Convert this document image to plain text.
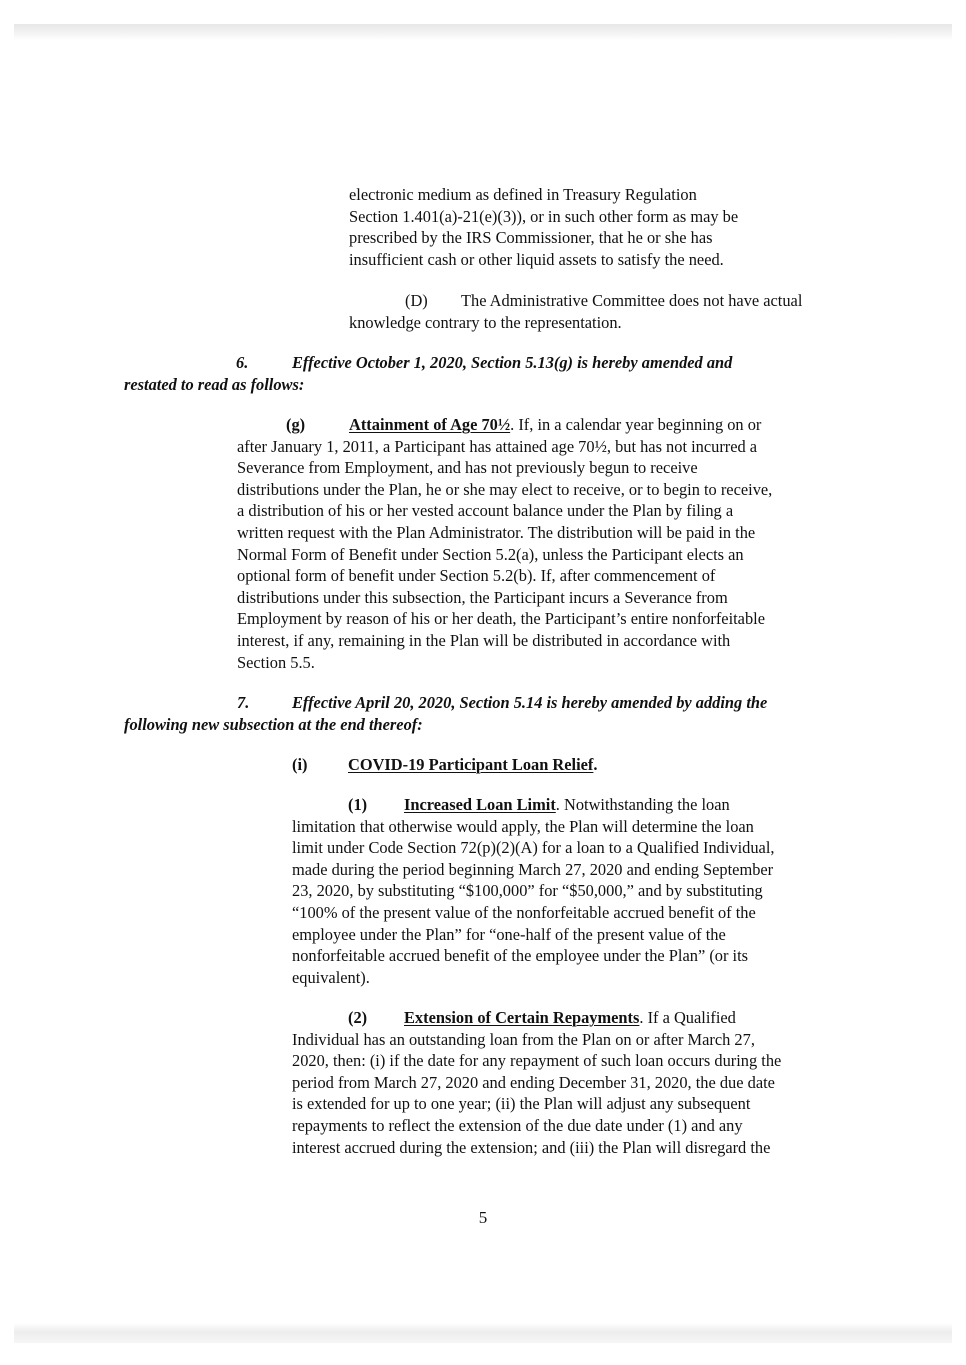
electronic medium as defined in Treasury Regulation
Section 1.401(a)-21(e)(3)), or in such other form as may be
prescribed by the IRS Commissioner, that he or she has
insufficient cash or other liquid assets to satisfy the need.
(D) The Administrative Committee does not have actual
knowledge contrary to the representation.
6.	Effective October 1, 2020, Section 5.13(g) is hereby amended and
restated to read as follows:
(g)	Attainment of Age 70½. If, in a calendar year beginning on or
after January 1, 2011, a Participant has attained age 70½, but has not incurred a
Severance from Employment, and has not previously begun to receive
distributions under the Plan, he or she may elect to receive, or to begin to receive,
a distribution of his or her vested account balance under the Plan by filing a
written request with the Plan Administrator. The distribution will be paid in the
Normal Form of Benefit under Section 5.2(a), unless the Participant elects an
optional form of benefit under Section 5.2(b). If, after commencement of
distributions under this subsection, the Participant incurs a Severance from
Employment by reason of his or her death, the Participant’s entire nonforfeitable
interest, if any, remaining in the Plan will be distributed in accordance with
Section 5.5.
7.	Effective April 20, 2020, Section 5.14 is hereby amended by adding the
following new subsection at the end thereof:
(i) COVID-19 Participant Loan Relief.
(1) Increased Loan Limit. Notwithstanding the loan
limitation that otherwise would apply, the Plan will determine the loan
limit under Code Section 72(p)(2)(A) for a loan to a Qualified Individual,
made during the period beginning March 27, 2020 and ending September
23, 2020, by substituting “$100,000” for “$50,000,” and by substituting
“100% of the present value of the nonforfeitable accrued benefit of the
employee under the Plan” for “one-half of the present value of the
nonforfeitable accrued benefit of the employee under the Plan” (or its
equivalent).
(2) Extension of Certain Repayments. If a Qualified
Individual has an outstanding loan from the Plan on or after March 27,
2020, then: (i) if the date for any repayment of such loan occurs during the
period from March 27, 2020 and ending December 31, 2020, the due date
is extended for up to one year; (ii) the Plan will adjust any subsequent
repayments to reflect the extension of the due date under (1) and any
interest accrued during the extension; and (iii) the Plan will disregard the
5
